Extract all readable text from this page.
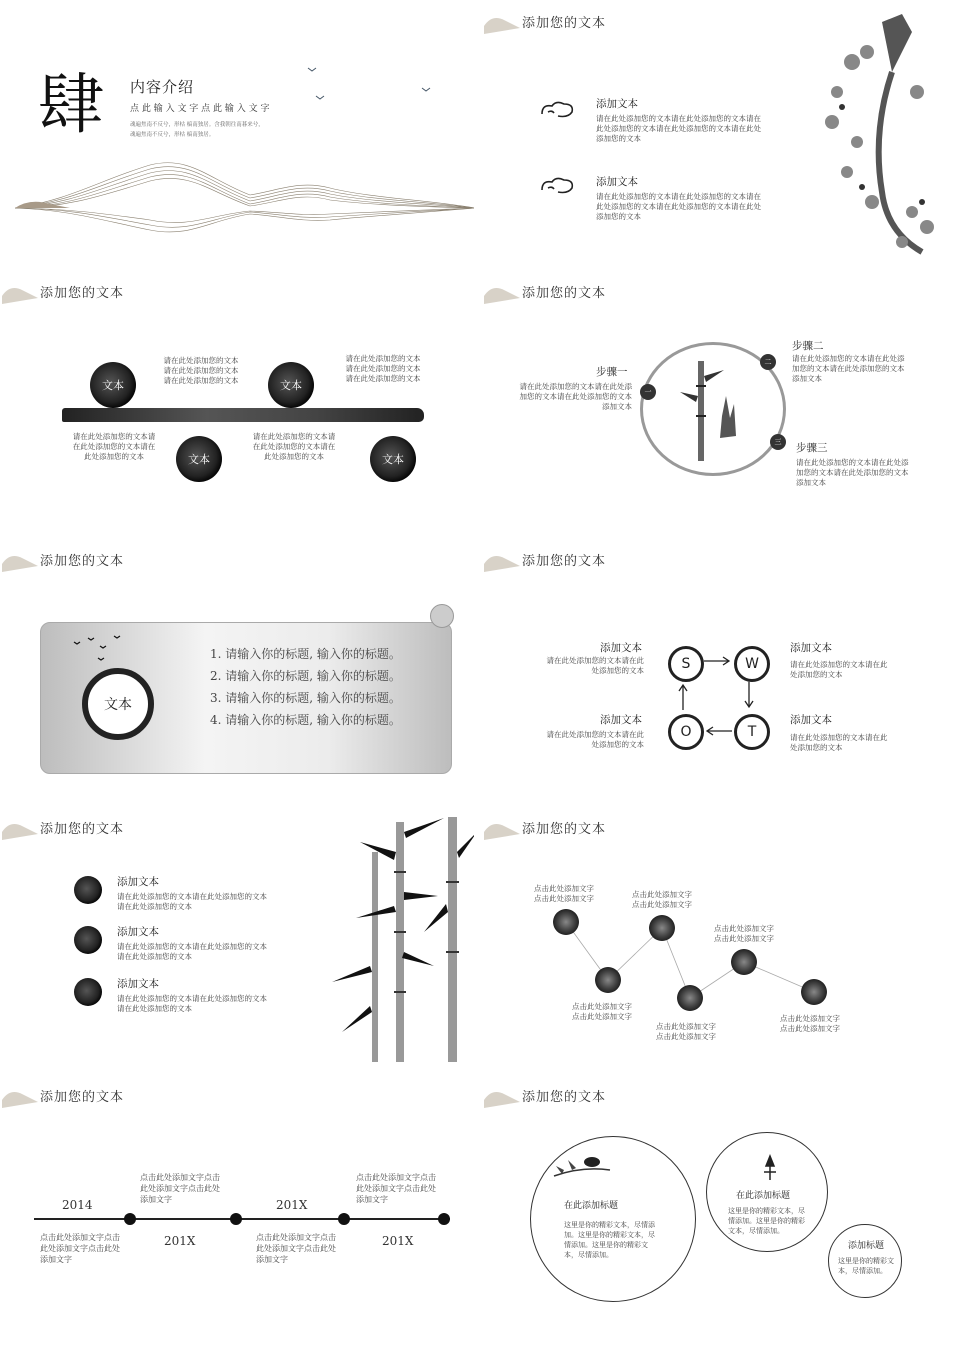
肆 内容介绍
点 此 输 入 文 字 点 此 输 入 文 字
魂遍焦南不反兮，形枯 槁南独居。含我朝往南暮来兮，
魂遍焦南不反兮，形枯 槁南独居。
添加您的文本
添加文本
请在此处添加您的文本请在此处添加您的文本请在此处添加您的文本请在此处添加您的文本请在此处添加您的文本
添加文本
请在此处添加您的文本请在此处添加您的文本请在此处添加您的文本请在此处添加您的文本请在此处添加您的文本
添加您的文本
文本	文本
文本	文本
请在此处添加您的文本请在此处添加您的文本请在此处添加您的文本
请在此处添加您的文本请在此处添加您的文本请在此处添加您的文本
请在此处添加您的文本请在此处添加您的文本请在此处添加您的文本
请在此处添加您的文本请在此处添加您的文本请在此处添加您的文本
添加您的文本
一
二
三
步骤一
请在此处添加您的文本请在此处添加您的文本请在此处添加您的文本添加文本
步骤二
请在此处添加您的文本请在此处添加您的文本请在此处添加您的文本添加文本
步骤三
请在此处添加您的文本请在此处添加您的文本请在此处添加您的文本添加文本
添加您的文本
文本
1. 请输入你的标题, 输入你的标题。
2. 请输入你的标题, 输入你的标题。
3. 请输入你的标题, 输入你的标题。
4. 请输入你的标题, 输入你的标题。
添加您的文本
S	W
O	T
添加文本
请在此处添加您的文本请在此处添加您的文本
添加文本
请在此处添加您的文本请在此处添加您的文本
添加文本
请在此处添加您的文本请在此处添加您的文本
添加文本
请在此处添加您的文本请在此处添加您的文本
添加您的文本
添加文本
请在此处添加您的文本请在此处添加您的文本请在此处添加您的文本
添加文本
请在此处添加您的文本请在此处添加您的文本请在此处添加您的文本
添加文本
请在此处添加您的文本请在此处添加您的文本请在此处添加您的文本
添加您的文本
点击此处添加文字点击此处添加文字
点击此处添加文字点击此处添加文字
点击此处添加文字点击此处添加文字
点击此处添加文字点击此处添加文字
点击此处添加文字点击此处添加文字
点击此处添加文字点击此处添加文字
添加您的文本
2014
201X
201X
201X
点击此处添加文字点击此处添加文字点击此处添加文字
点击此处添加文字点击此处添加文字点击此处添加文字
点击此处添加文字点击此处添加文字点击此处添加文字
点击此处添加文字点击此处添加文字点击此处添加文字
添加您的文本
在此添加标题
这里是你的精彩文本，尽情添加。这里是你的精彩文本，尽情添加。这里是你的精彩文本，尽情添加。
在此添加标题
这里是你的精彩文本，尽情添加。这里是你的精彩文本，尽情添加。
添加标题
这里是你的精彩文本，尽情添加。
